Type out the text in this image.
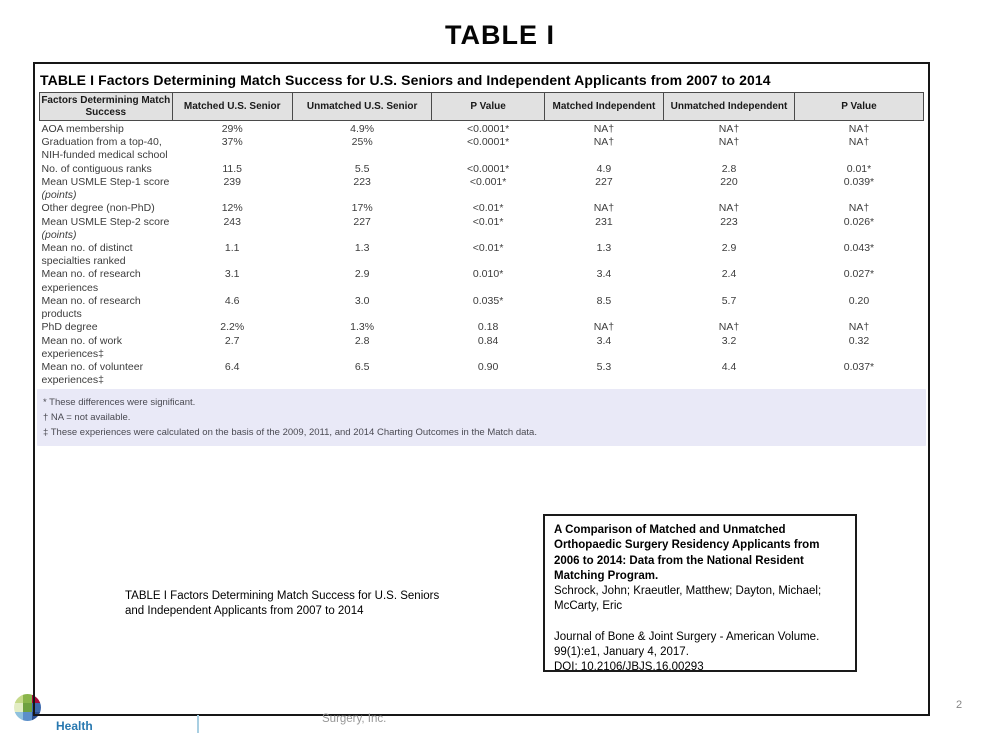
TABLE I
TABLE I Factors Determining Match Success for U.S. Seniors and Independent Applicants from 2007 to 2014
Factors Determining Match Success	Matched U.S. Senior	Unmatched U.S. Senior	P Value	Matched Independent	Unmatched Independent	P Value
AOA membership	29%	4.9%	<0.0001*	NA†	NA†	NA†
Graduation from a top-40, NIH-funded medical school	37%	25%	<0.0001*	NA†	NA†	NA†
No. of contiguous ranks	11.5	5.5	<0.0001*	4.9	2.8	0.01*
Mean USMLE Step-1 score (points)	239	223	<0.001*	227	220	0.039*
Other degree (non-PhD)	12%	17%	<0.01*	NA†	NA†	NA†
Mean USMLE Step-2 score (points)	243	227	<0.01*	231	223	0.026*
Mean no. of distinct specialties ranked	1.1	1.3	<0.01*	1.3	2.9	0.043*
Mean no. of research experiences	3.1	2.9	0.010*	3.4	2.4	0.027*
Mean no. of research products	4.6	3.0	0.035*	8.5	5.7	0.20
PhD degree	2.2%	1.3%	0.18	NA†	NA†	NA†
Mean no. of work experiences‡	2.7	2.8	0.84	3.4	3.2	0.32
Mean no. of volunteer experiences‡	6.4	6.5	0.90	5.3	4.4	0.037*
* These differences were significant.
† NA = not available.
‡ These experiences were calculated on the basis of the 2009, 2011, and 2014 Charting Outcomes in the Match data.
TABLE I Factors Determining Match Success for U.S. Seniors and Independent Applicants from 2007 to 2014
A Comparison of Matched and Unmatched Orthopaedic Surgery Residency Applicants from 2006 to 2014: Data from the National Resident Matching Program.
Schrock, John; Kraeutler, Matthew; Dayton, Michael; McCarty, Eric
Journal of Bone & Joint Surgery - American Volume.
99(1):e1, January 4, 2017.
DOI: 10.2106/JBJS.16.00293
Health	Surgery, Inc.
2
